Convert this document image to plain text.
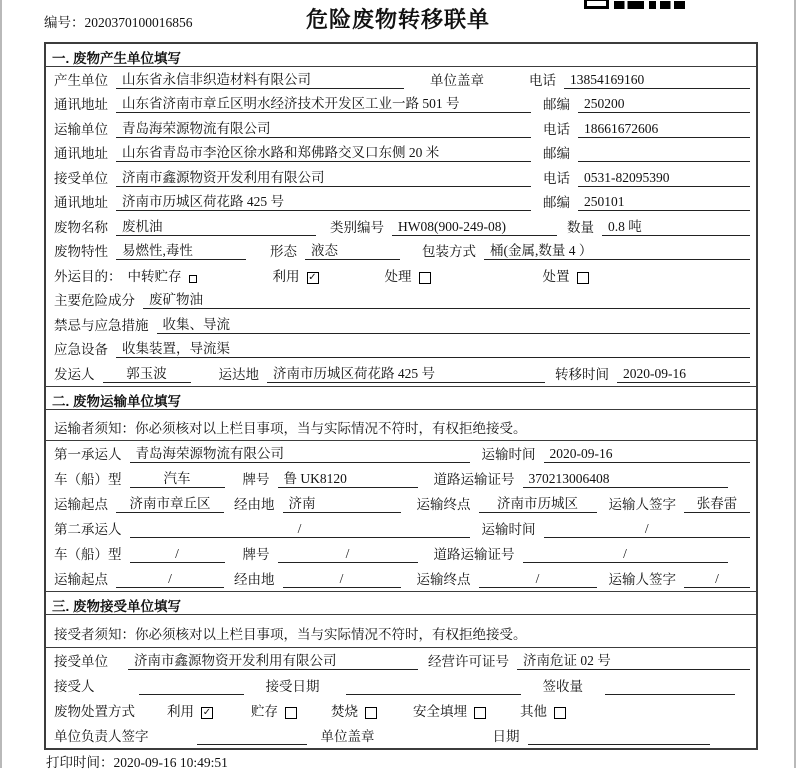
编号：2020370100016856	危险废物转移联单
一. 废物产生单位填写
产生单位	山东省永信非织造材料有限公司	单位盖章	电话	13854169160
通讯地址	山东省济南市章丘区明水经济技术开发区工业一路 501 号	邮编	250200
运输单位	青岛海荣源物流有限公司	电话	18661672606
通讯地址	山东省青岛市李沧区徐水路和郑佛路交叉口东侧 20 米	邮编
接受单位	济南市鑫源物资开发利用有限公司	电话	0531-82095390
通讯地址	济南市历城区荷花路 425 号	邮编	250101
废物名称	废机油	类别编号	HW08(900-249-08)	数量	0.8 吨
废物特性	易燃性,毒性	形态	液态	包装方式	桶(金属,数量 4 ）
外运目的： 中转贮存	利用 ✓	处理	处置
主要危险成分	废矿物油
禁忌与应急措施	收集、导流
应急设备	收集装置，导流渠
发运人	郭玉波	运达地	济南市历城区荷花路 425 号	转移时间	2020-09-16
二. 废物运输单位填写
运输者须知：你必须核对以上栏目事项，当与实际情况不符时，有权拒绝接受。
第一承运人	青岛海荣源物流有限公司	运输时间	2020-09-16
车（船）型	汽车	牌号	鲁 UK8120	道路运输证号	370213006408
运输起点	济南市章丘区	经由地	济南	运输终点	济南市历城区	运输人签字	张春雷
第二承运人	/	运输时间	/
车（船）型	/	牌号	/	道路运输证号	/
运输起点	/	经由地	/	运输终点	/	运输人签字	/
三. 废物接受单位填写
接受者须知：你必须核对以上栏目事项，当与实际情况不符时，有权拒绝接受。
接受单位	济南市鑫源物资开发利用有限公司	经营许可证号	济南危证 02 号
接受人	接受日期	签收量
废物处置方式 利用 ✓	贮存	焚烧	安全填埋	其他
单位负责人签字	单位盖章	日期
打印时间：2020-09-16 10:49:51
